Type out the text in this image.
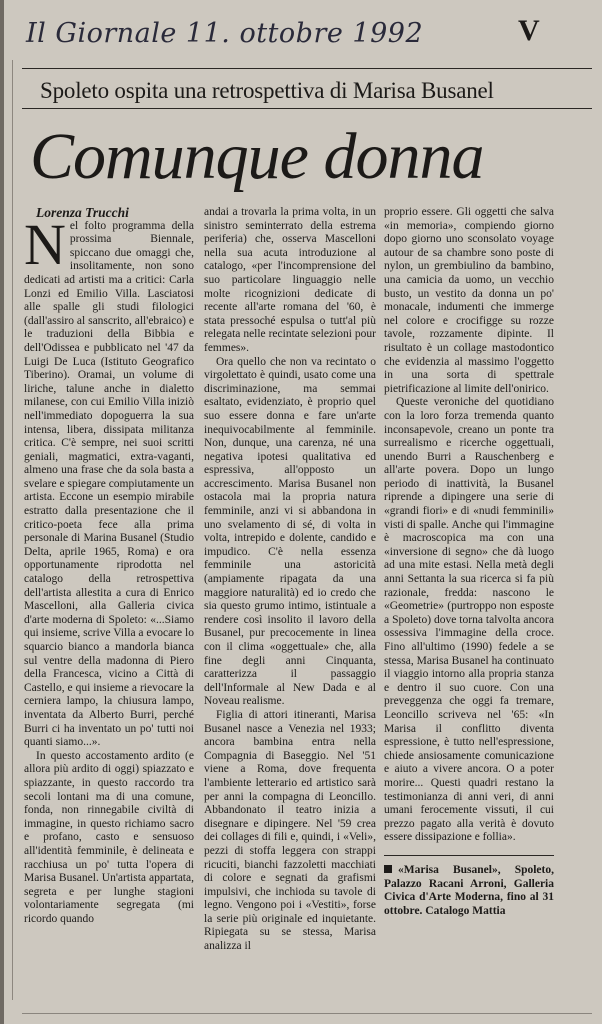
Il Giornale 11. ottobre 1992	V
Spoleto ospita una retrospettiva di Marisa Busanel
Comunque donna

Lorenza Trucchi

Nel folto programma della prossima Biennale, spiccano due omaggi che, insolitamente, non sono dedicati ad artisti ma a critici: Carla Lonzi ed Emilio Villa. Lasciatosi alle spalle gli studi filologici (dall'assiro al sanscrito, all'ebraico) e le traduzioni della Bibbia e dell'Odissea e pubblicato nel '47 da Luigi De Luca (Istituto Geografico Tiberino). Oramai, un volume di liriche, talune anche in dialetto milanese, con cui Emilio Villa iniziò nell'immediato dopoguerra la sua intensa, libera, dissipata militanza critica. C'è sempre, nei suoi scritti geniali, magmatici, extra-vaganti, almeno una frase che da sola basta a svelare e spiegare compiutamente un artista. Eccone un esempio mirabile estratto dalla presentazione che il critico-poeta fece alla prima personale di Marina Busanel (Studio Delta, aprile 1965, Roma) e ora opportunamente riprodotta nel catalogo della retrospettiva dell'artista allestita a cura di Enrico Mascelloni, alla Galleria civica d'arte moderna di Spoleto: «...Siamo qui insieme, scrive Villa a evocare lo squarcio bianco a mandorla bianca sul ventre della madonna di Piero della Francesca, vicino a Città di Castello, e qui insieme a rievocare la cerniera lampo, la chiusura lampo, inventata da Alberto Burri, perché Burri ci ha inventato un po' tutti noi quanti siamo...».

In questo accostamento ardito (e allora più ardito di oggi) spiazzato e spiazzante, in questo raccordo tra secoli lontani ma di una comune, fonda, non rinnegabile civiltà di immagine, in questo richiamo sacro e profano, casto e sensuoso all'identità femminile, è delineata e racchiusa un po' tutta l'opera di Marisa Busanel. Un'artista appartata, segreta e per lunghe stagioni volontariamente segregata (mi ricordo quando

andai a trovarla la prima volta, in un sinistro seminterrato della estrema periferia) che, osserva Mascelloni nella sua acuta introduzione al catalogo, «per l'incomprensione del suo particolare linguaggio nelle molte ricognizioni dedicate di recente all'arte romana del '60, è stata pressoché espulsa o tutt'al più relegata nelle recintate selezioni pour femmes».

Ora quello che non va recintato o virgolettato è quindi, usato come una discriminazione, ma semmai esaltato, evidenziato, è proprio quel suo essere donna e fare un'arte inequivocabilmente al femminile. Non, dunque, una carenza, né una negativa ipotesi qualitativa ed espressiva, all'opposto un accrescimento. Marisa Busanel non ostacola mai la propria natura femminile, anzi vi si abbandona in uno svelamento di sé, di volta in volta, intrepido e dolente, candido e impudico. C'è nella essenza femminile una astoricità (ampiamente ripagata da una maggiore naturalità) ed io credo che sia questo grumo intimo, istintuale a rendere così insolito il lavoro della Busanel, pur precocemente in linea con il clima «oggettuale» che, alla fine degli anni Cinquanta, caratterizza il passaggio dell'Informale al New Dada e al Noveau realisme.

Figlia di attori itineranti, Marisa Busanel nasce a Venezia nel 1933; ancora bambina entra nella Compagnia di Baseggio. Nel '51 viene a Roma, dove frequenta l'ambiente letterario ed artistico sarà per anni la compagna di Leoncillo. Abbandonato il teatro inizia a disegnare e dipingere. Nel '59 crea dei collages di fili e, quindi, i «Veli», pezzi di stoffa leggera con strappi ricuciti, bianchi fazzoletti macchiati di colore e segnati da grafismi impulsivi, che inchioda su tavole di legno. Vengono poi i «Vestiti», forse la serie più originale ed inquietante. Ripiegata su se stessa, Marisa analizza il

proprio essere. Gli oggetti che salva «in memoria», compiendo giorno dopo giorno uno sconsolato voyage autour de sa chambre sono poste di nylon, un grembiulino da bambino, una camicia da uomo, un vecchio busto, un vestito da donna un po' monacale, indumenti che immerge nel colore e crocifigge su rozze tavole, rozzamente dipinte. Il risultato è un collage mastodontico che evidenzia al massimo l'oggetto in una sorta di spettrale pietrificazione al limite dell'onirico.

Queste veroniche del quotidiano con la loro forza tremenda quanto inconsapevole, creano un ponte tra surrealismo e ricerche oggettuali, unendo Burri a Rauschenberg e all'arte povera. Dopo un lungo periodo di inattività, la Busanel riprende a dipingere una serie di «grandi fiori» e di «nudi femminili» visti di spalle. Anche qui l'immagine è macroscopica ma con una «inversione di segno» che dà luogo ad una mite estasi. Nella metà degli anni Settanta la sua ricerca si fa più razionale, fredda: nascono le «Geometrie» (purtroppo non esposte a Spoleto) dove torna talvolta ancora ossessiva l'immagine della croce. Fino all'ultimo (1990) fedele a se stessa, Marisa Busanel ha continuato il viaggio intorno alla propria stanza e dentro il suo cuore. Con una preveggenza che oggi fa tremare, Leoncillo scriveva nel '65: «In Marisa il conflitto diventa espressione, è tutto nell'espressione, chiede ansiosamente comunicazione e aiuto a vivere ancora. O a poter morire... Questi quadri restano la testimonianza di anni veri, di anni umani ferocemente vissuti, il cui prezzo pagato alla verità è dovuto essere dissipazione e follia».

«Marisa Busanel», Spoleto, Palazzo Racani Arroni, Galleria Civica d'Arte Moderna, fino al 31 ottobre. Catalogo Mattia
